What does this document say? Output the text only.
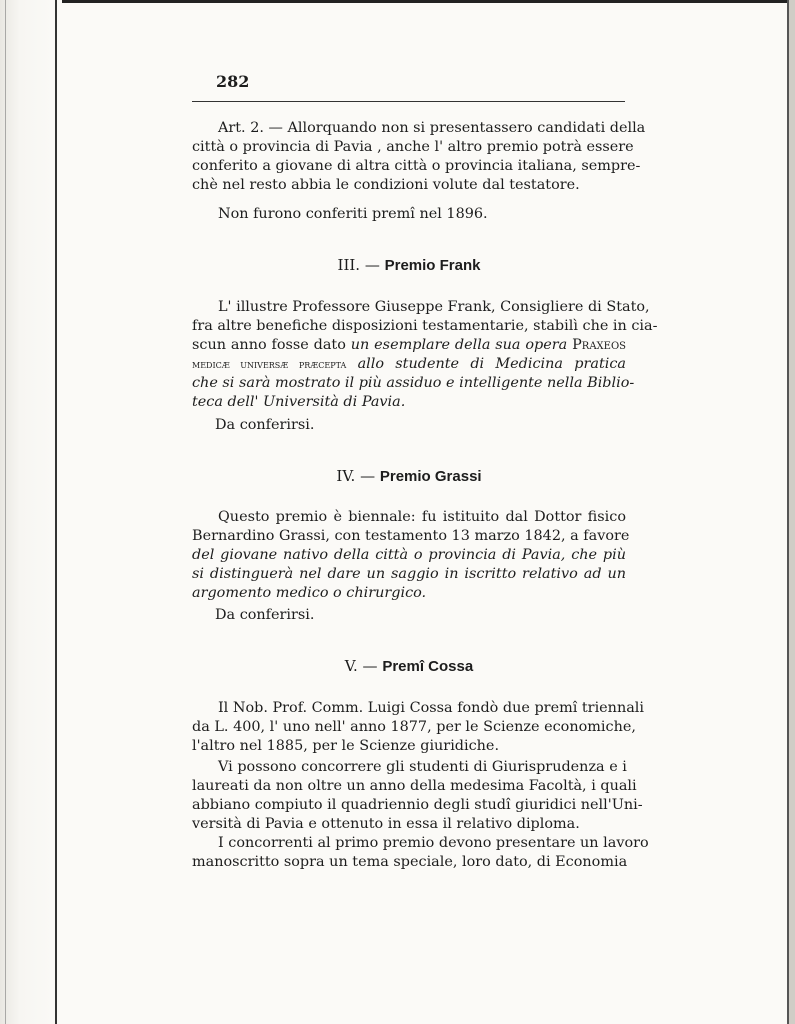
282
Art. 2. — Allorquando non si presentassero candidati della
città o provincia di Pavia , anche l' altro premio potrà essere
conferito a giovane di altra città o provincia italiana, sempre-
chè nel resto abbia le condizioni volute dal testatore.
Non furono conferiti premî nel 1896.
III. — Premio Frank
L' illustre Professore Giuseppe Frank, Consigliere di Stato,
fra altre benefiche disposizioni testamentarie, stabilì che in cia-
scun anno fosse dato un esemplare della sua opera Praxeos
medicæ universæ præcepta allo studente di Medicina pratica
che si sarà mostrato il più assiduo e intelligente nella Biblio-
teca dell' Università di Pavia.
Da conferirsi.
IV. — Premio Grassi
Questo premio è biennale: fu istituito dal Dottor fisico
Bernardino Grassi, con testamento 13 marzo 1842, a favore
del giovane nativo della città o provincia di Pavia, che più
si distinguerà nel dare un saggio in iscritto relativo ad un
argomento medico o chirurgico.
Da conferirsi.
V. — Premî Cossa
Il Nob. Prof. Comm. Luigi Cossa fondò due premî triennali
da L. 400, l' uno nell' anno 1877, per le Scienze economiche,
l'altro nel 1885, per le Scienze giuridiche.
Vi possono concorrere gli studenti di Giurisprudenza e i
laureati da non oltre un anno della medesima Facoltà, i quali
abbiano compiuto il quadriennio degli studî giuridici nell'Uni-
versità di Pavia e ottenuto in essa il relativo diploma.
I concorrenti al primo premio devono presentare un lavoro
manoscritto sopra un tema speciale, loro dato, di Economia
